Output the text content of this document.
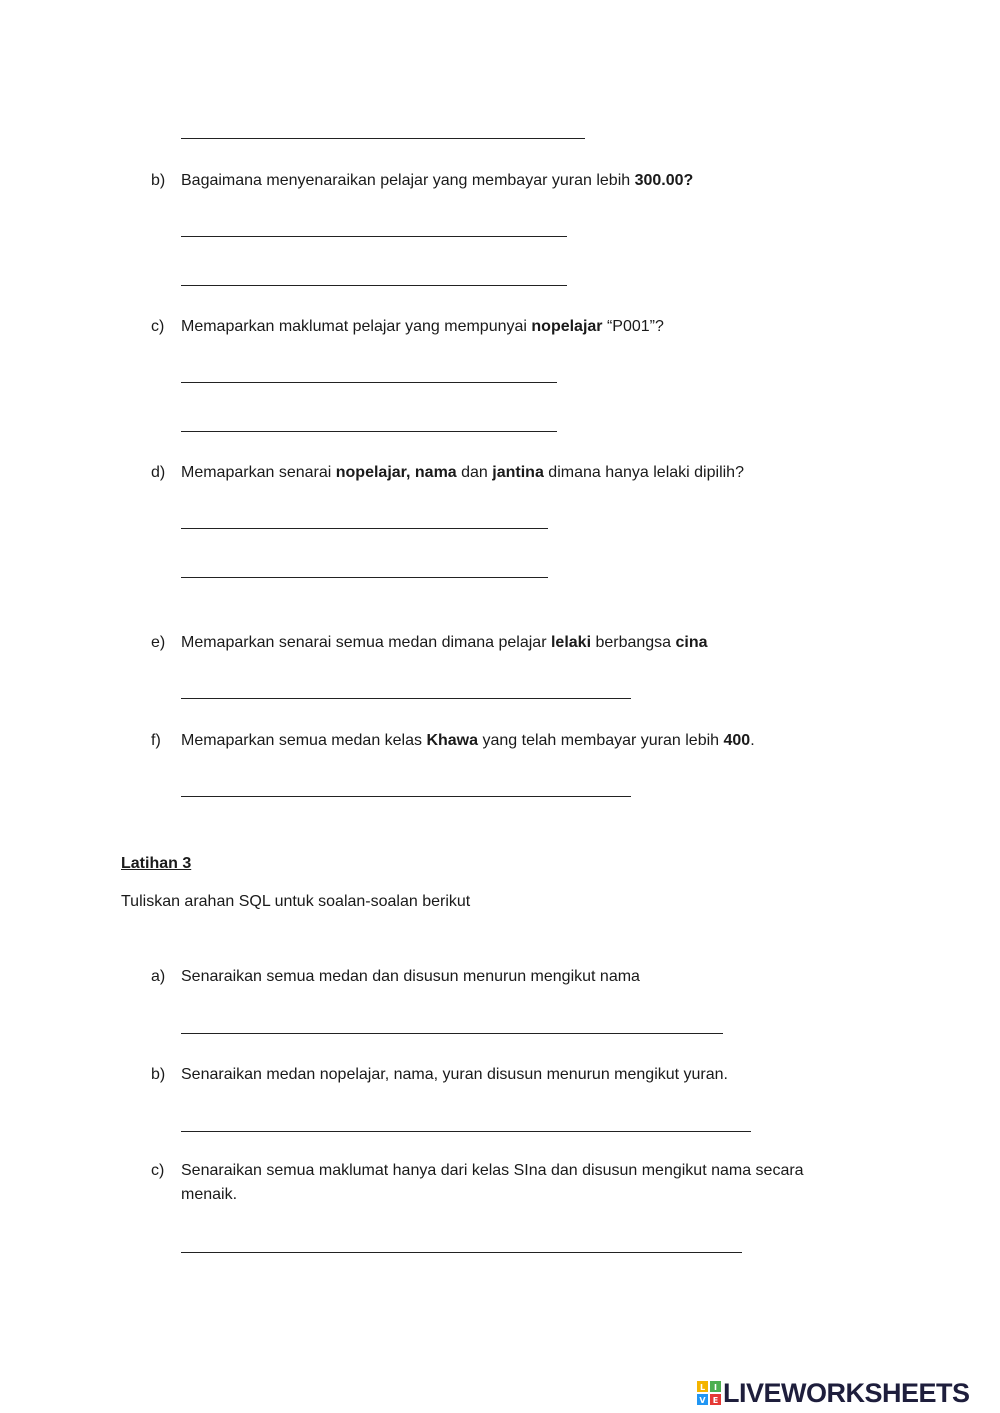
b) Bagaimana menyenaraikan pelajar yang membayar yuran lebih 300.00?
c) Memaparkan maklumat pelajar yang mempunyai nopelajar “P001”?
d) Memaparkan senarai nopelajar, nama dan jantina dimana hanya lelaki dipilih?
e) Memaparkan senarai semua medan dimana pelajar lelaki berbangsa cina
f) Memaparkan semua medan kelas Khawa yang telah membayar yuran lebih 400.
Latihan 3
Tuliskan arahan SQL untuk soalan-soalan berikut
a) Senaraikan semua medan dan disusun menurun mengikut nama
b) Senaraikan medan nopelajar, nama, yuran disusun menurun mengikut yuran.
c) Senaraikan semua maklumat hanya dari kelas SIna dan disusun mengikut nama secara
menaik.
L I
V E LIVEWORKSHEETS
